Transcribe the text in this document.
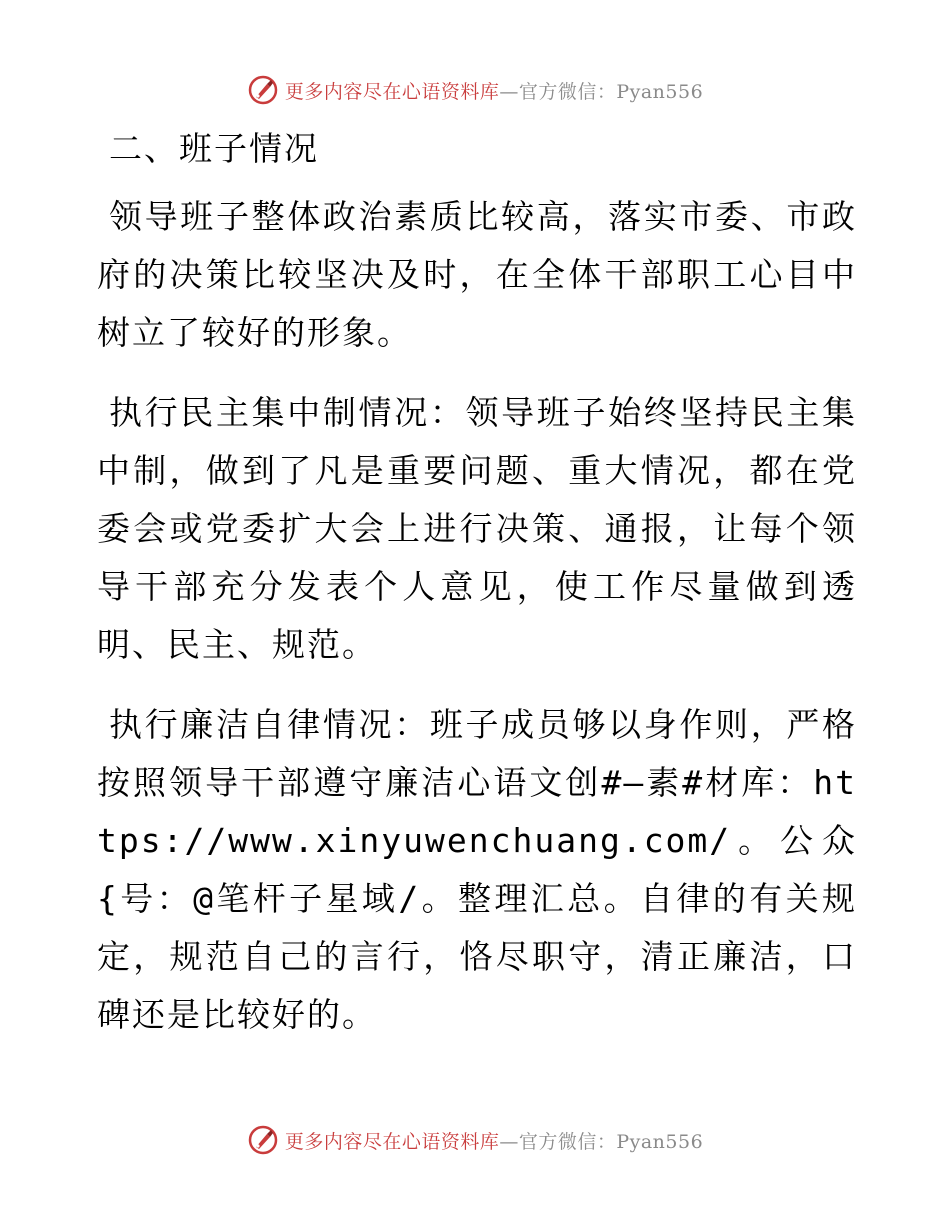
更多内容尽在心语资料库—官方微信：Pyan556
二、班子情况

领导班子整体政治素质比较高，落实市委、市政府的决策比较坚决及时，在全体干部职工心目中树立了较好的形象。

执行民主集中制情况：领导班子始终坚持民主集中制，做到了凡是重要问题、重大情况，都在党委会或党委扩大会上进行决策、通报，让每个领导干部充分发表个人意见，使工作尽量做到透明、民主、规范。

执行廉洁自律情况：班子成员够以身作则，严格按照领导干部遵守廉洁心语文创#—素#材库：https://www.xinyuwenchuang.com/。公众{号：@笔杆子星域/。整理汇总。自律的有关规定，规范自己的言行，恪尽职守，清正廉洁，口碑还是比较好的。

更多内容尽在心语资料库—官方微信：Pyan556
